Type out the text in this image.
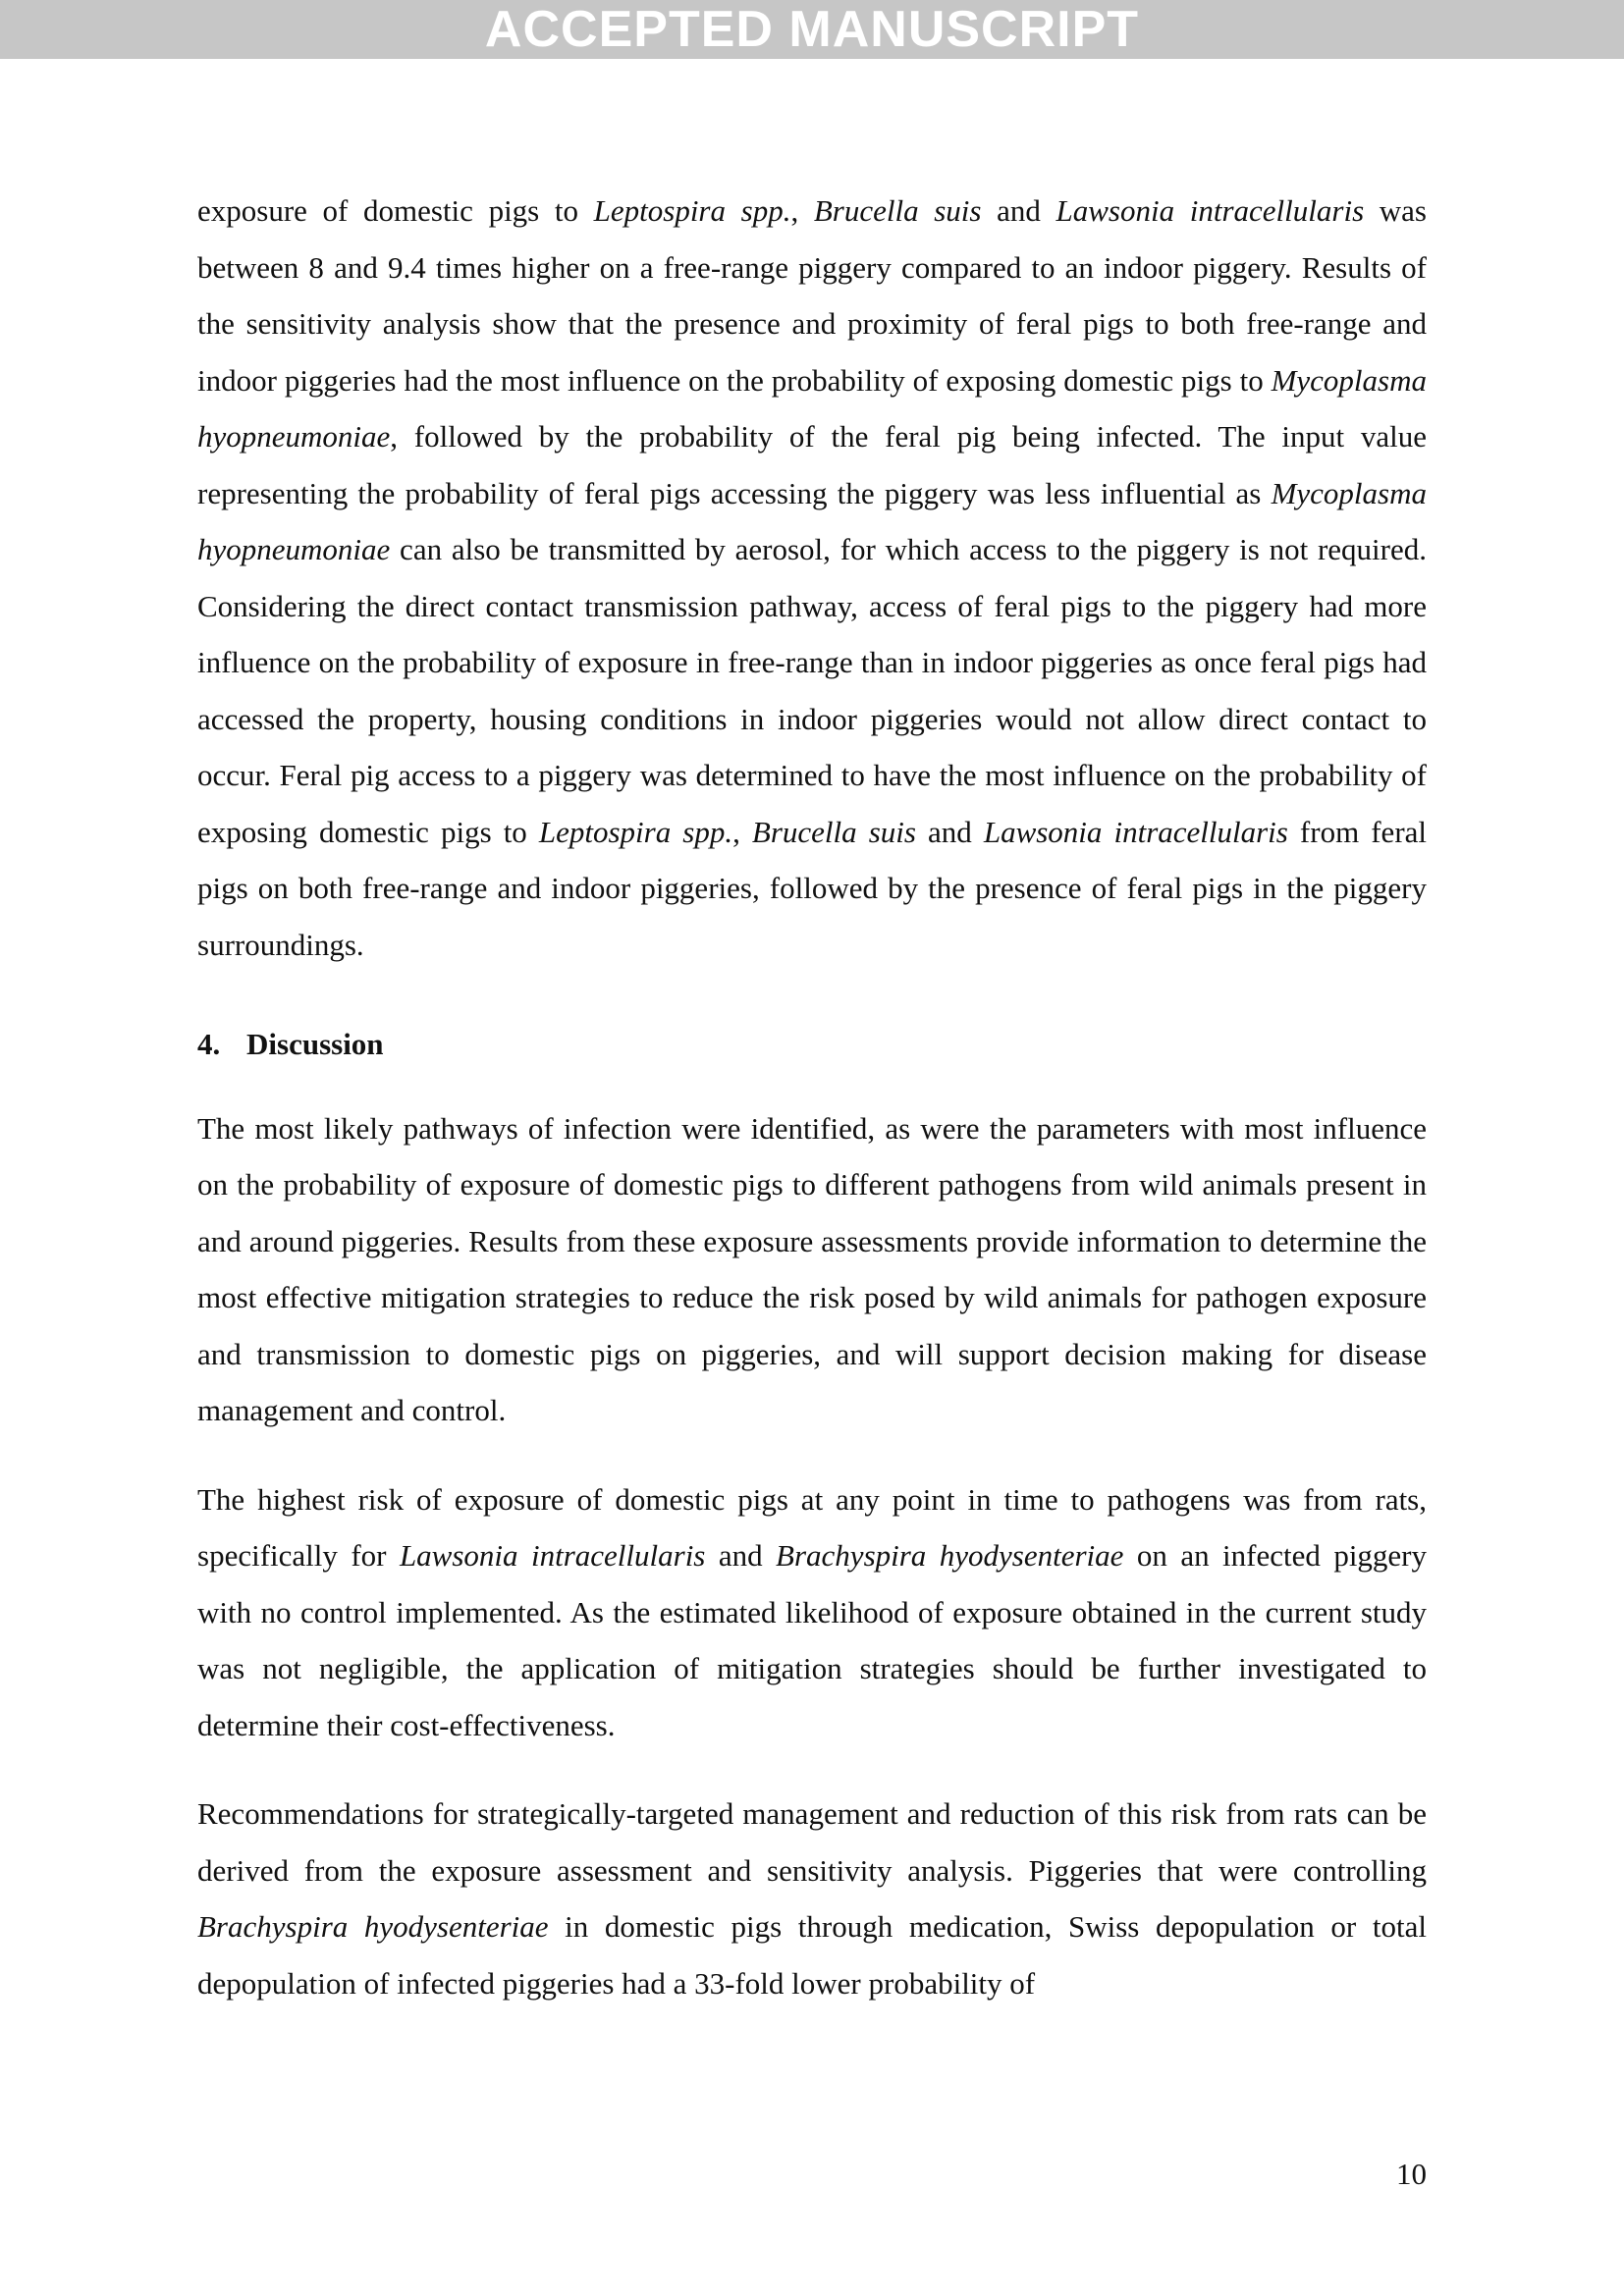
ACCEPTED MANUSCRIPT

exposure of domestic pigs to Leptospira spp., Brucella suis and Lawsonia intracellularis was between 8 and 9.4 times higher on a free-range piggery compared to an indoor piggery. Results of the sensitivity analysis show that the presence and proximity of feral pigs to both free-range and indoor piggeries had the most influence on the probability of exposing domestic pigs to Mycoplasma hyopneumoniae, followed by the probability of the feral pig being infected. The input value representing the probability of feral pigs accessing the piggery was less influential as Mycoplasma hyopneumoniae can also be transmitted by aerosol, for which access to the piggery is not required. Considering the direct contact transmission pathway, access of feral pigs to the piggery had more influence on the probability of exposure in free-range than in indoor piggeries as once feral pigs had accessed the property, housing conditions in indoor piggeries would not allow direct contact to occur. Feral pig access to a piggery was determined to have the most influence on the probability of exposing domestic pigs to Leptospira spp., Brucella suis and Lawsonia intracellularis from feral pigs on both free-range and indoor piggeries, followed by the presence of feral pigs in the piggery surroundings.

4. Discussion

The most likely pathways of infection were identified, as were the parameters with most influence on the probability of exposure of domestic pigs to different pathogens from wild animals present in and around piggeries. Results from these exposure assessments provide information to determine the most effective mitigation strategies to reduce the risk posed by wild animals for pathogen exposure and transmission to domestic pigs on piggeries, and will support decision making for disease management and control.

The highest risk of exposure of domestic pigs at any point in time to pathogens was from rats, specifically for Lawsonia intracellularis and Brachyspira hyodysenteriae on an infected piggery with no control implemented. As the estimated likelihood of exposure obtained in the current study was not negligible, the application of mitigation strategies should be further investigated to determine their cost-effectiveness.

Recommendations for strategically-targeted management and reduction of this risk from rats can be derived from the exposure assessment and sensitivity analysis. Piggeries that were controlling Brachyspira hyodysenteriae in domestic pigs through medication, Swiss depopulation or total depopulation of infected piggeries had a 33-fold lower probability of

10
